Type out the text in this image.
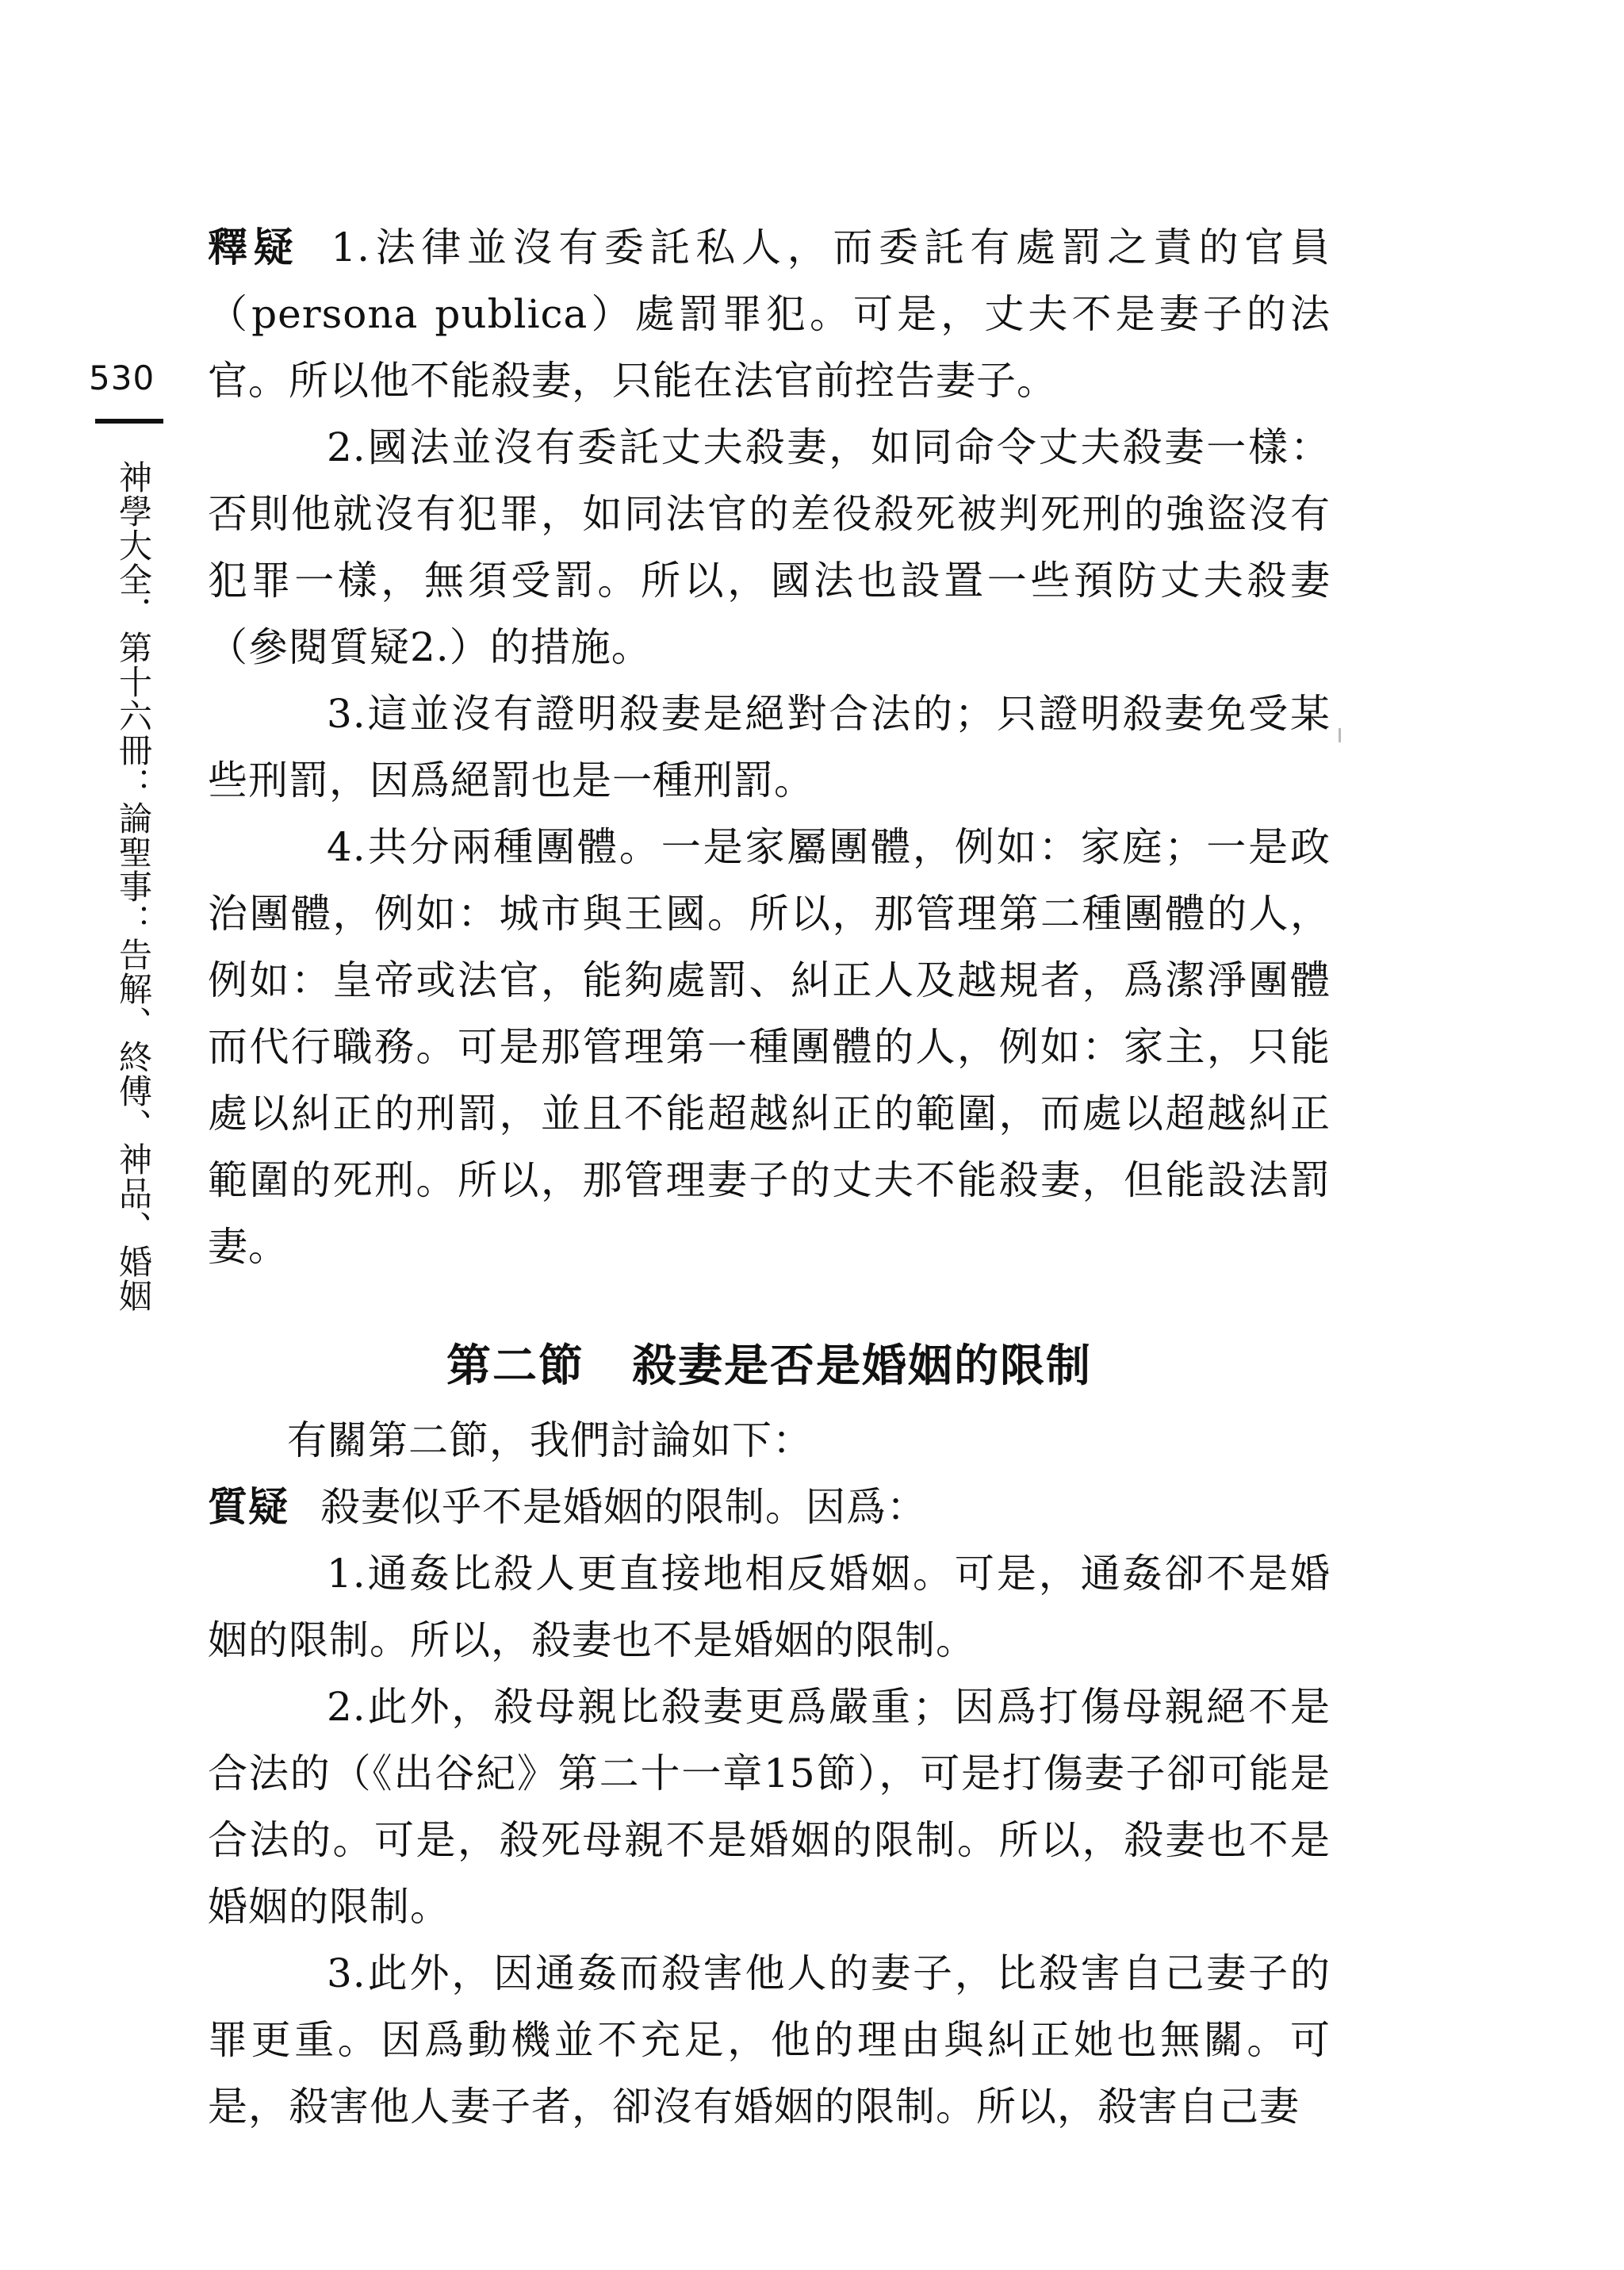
530
神學大全．第十六冊：論聖事：告解、終傅、神品、婚姻

釋疑 1.法律並沒有委託私人，而委託有處罰之責的官員（persona publica）處罰罪犯。可是，丈夫不是妻子的法官。所以他不能殺妻，只能在法官前控告妻子。

2.國法並沒有委託丈夫殺妻，如同命令丈夫殺妻一樣：否則他就沒有犯罪，如同法官的差役殺死被判死刑的強盜沒有犯罪一樣，無須受罰。所以，國法也設置一些預防丈夫殺妻（參閱質疑2.）的措施。

3.這並沒有證明殺妻是絕對合法的；只證明殺妻免受某些刑罰，因爲絕罰也是一種刑罰。

4.共分兩種團體。一是家屬團體，例如：家庭；一是政治團體，例如：城市與王國。所以，那管理第二種團體的人，例如：皇帝或法官，能夠處罰、糾正人及越規者，爲潔淨團體而代行職務。可是那管理第一種團體的人，例如：家主，只能處以糾正的刑罰，並且不能超越糾正的範圍，而處以超越糾正範圍的死刑。所以，那管理妻子的丈夫不能殺妻，但能設法罰妻。

第二節 殺妻是否是婚姻的限制

有關第二節，我們討論如下：

質疑 殺妻似乎不是婚姻的限制。因爲：

1.通姦比殺人更直接地相反婚姻。可是，通姦卻不是婚姻的限制。所以，殺妻也不是婚姻的限制。

2.此外，殺母親比殺妻更爲嚴重；因爲打傷母親絕不是合法的（《出谷紀》第二十一章15節），可是打傷妻子卻可能是合法的。可是，殺死母親不是婚姻的限制。所以，殺妻也不是婚姻的限制。

3.此外，因通姦而殺害他人的妻子，比殺害自己妻子的罪更重。因爲動機並不充足，他的理由與糾正她也無關。可是，殺害他人妻子者，卻沒有婚姻的限制。所以，殺害自己妻
